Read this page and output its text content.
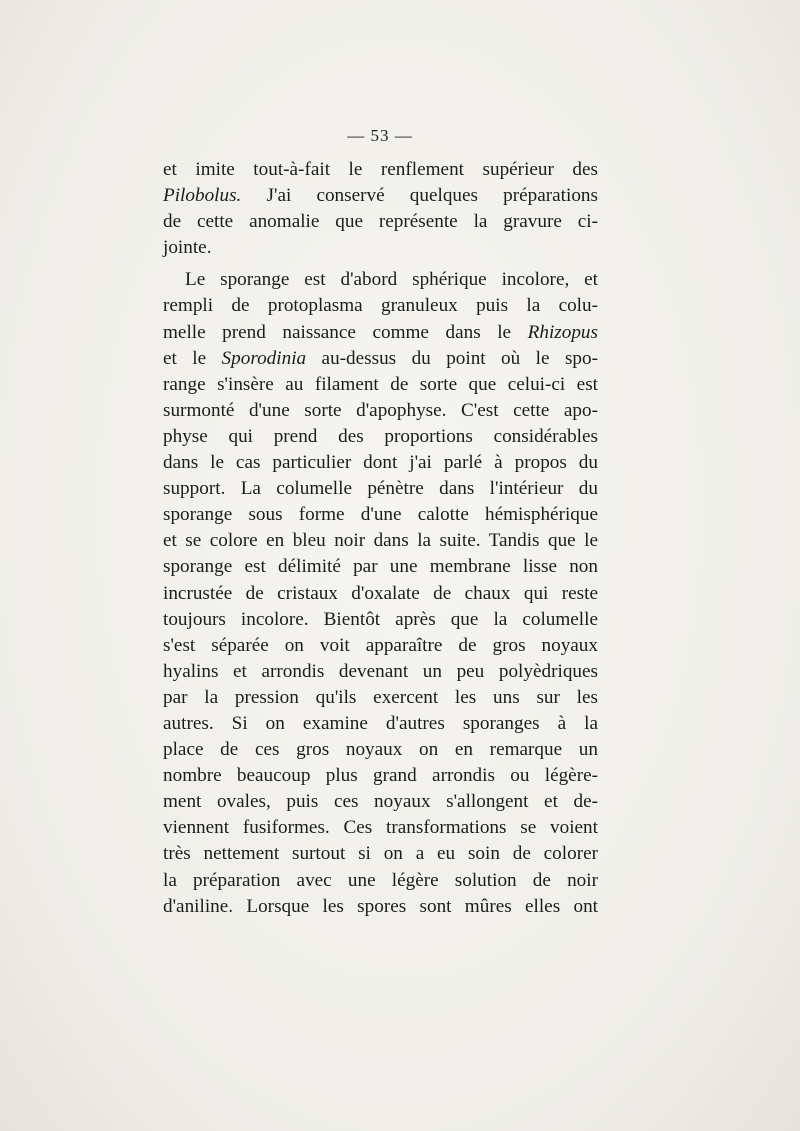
— 53 —
et imite tout-à-fait le renflement supérieur des
Pilobolus. J'ai conservé quelques préparations
de cette anomalie que représente la gravure ci-
jointe.
Le sporange est d'abord sphérique incolore, et
rempli de protoplasma granuleux puis la colu-
melle prend naissance comme dans le Rhizopus
et le Sporodinia au-dessus du point où le spo-
range s'insère au filament de sorte que celui-ci est
surmonté d'une sorte d'apophyse. C'est cette apo-
physe qui prend des proportions considérables
dans le cas particulier dont j'ai parlé à propos du
support. La columelle pénètre dans l'intérieur du
sporange sous forme d'une calotte hémisphérique
et se colore en bleu noir dans la suite. Tandis que le
sporange est délimité par une membrane lisse non
incrustée de cristaux d'oxalate de chaux qui reste
toujours incolore. Bientôt après que la columelle
s'est séparée on voit apparaître de gros noyaux
hyalins et arrondis devenant un peu polyèdriques
par la pression qu'ils exercent les uns sur les
autres. Si on examine d'autres sporanges à la
place de ces gros noyaux on en remarque un
nombre beaucoup plus grand arrondis ou légère-
ment ovales, puis ces noyaux s'allongent et de-
viennent fusiformes. Ces transformations se voient
très nettement surtout si on a eu soin de colorer
la préparation avec une légère solution de noir
d'aniline. Lorsque les spores sont mûres elles ont
